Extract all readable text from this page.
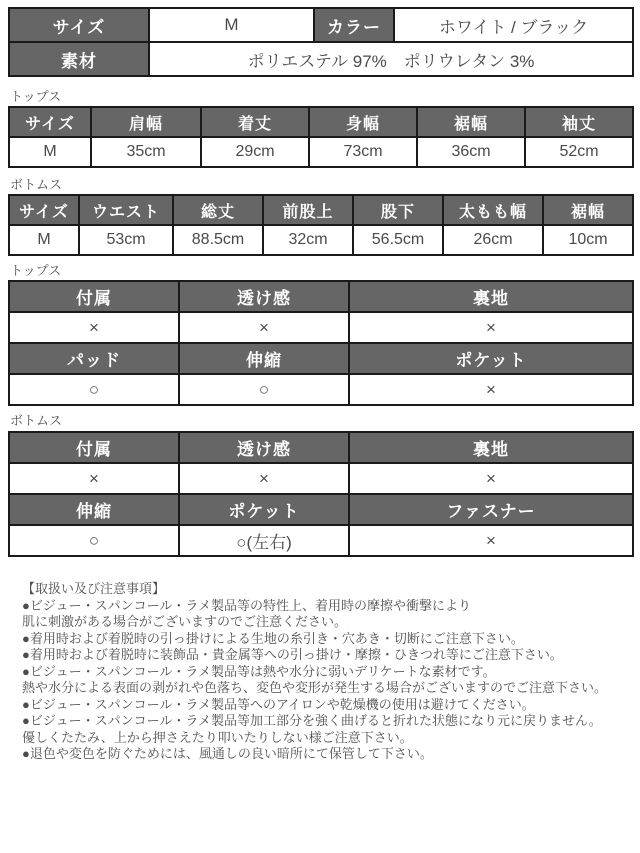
サイズ	M	カラー	ホワイト / ブラック
素材	ポリエステル 97%　ポリウレタン 3%		
トップス
サイズ	肩幅	着丈	身幅	裾幅	袖丈
M	35cm	29cm	73cm	36cm	52cm
ボトムス
サイズ	ウエスト	総丈	前股上	股下	太もも幅	裾幅
M	53cm	88.5cm	32cm	56.5cm	26cm	10cm
トップス
付属	透け感	裏地
×	×	×
パッド	伸縮	ポケット
○	○	×
ボトムス
付属	透け感	裏地
×	×	×
伸縮	ポケット	ファスナー
○	○(左右)	×
【取扱い及び注意事項】
●ビジュー・スパンコール・ラメ製品等の特性上、着用時の摩擦や衝撃により
肌に刺激がある場合がございますのでご注意ください。
●着用時および着脱時の引っ掛けによる生地の糸引き・穴あき・切断にご注意下さい。
●着用時および着脱時に装飾品・貴金属等への引っ掛け・摩擦・ひきつれ等にご注意下さい。
●ビジュー・スパンコール・ラメ製品等は熱や水分に弱いデリケートな素材です。
熱や水分による表面の剥がれや色落ち、変色や変形が発生する場合がございますのでご注意下さい。
●ビジュー・スパンコール・ラメ製品等へのアイロンや乾燥機の使用は避けてください。
●ビジュー・スパンコール・ラメ製品等加工部分を強く曲げると折れた状態になり元に戻りません。
優しくたたみ、上から押さえたり叩いたりしない様ご注意下さい。
●退色や変色を防ぐためには、風通しの良い暗所にて保管して下さい。
